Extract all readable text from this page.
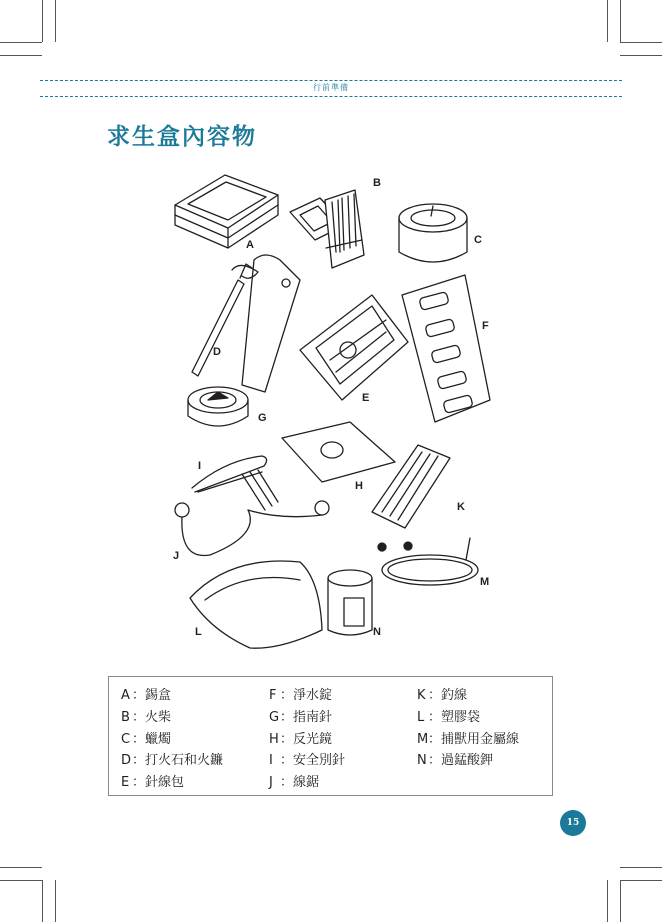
行前準備
求生盒內容物
A
B
C
D
E
F
G
H
I
J
K
L
M
N
A ：錫盒
B ：火柴
C ：蠟燭
D：打火石和火鐮
E ：針線包
F ：淨水錠
G：指南針
H：反光鏡
I ：安全別針
J ：線鋸
K ：釣線
L ：塑膠袋
M：捕獸用金屬線
N：過錳酸鉀
15
